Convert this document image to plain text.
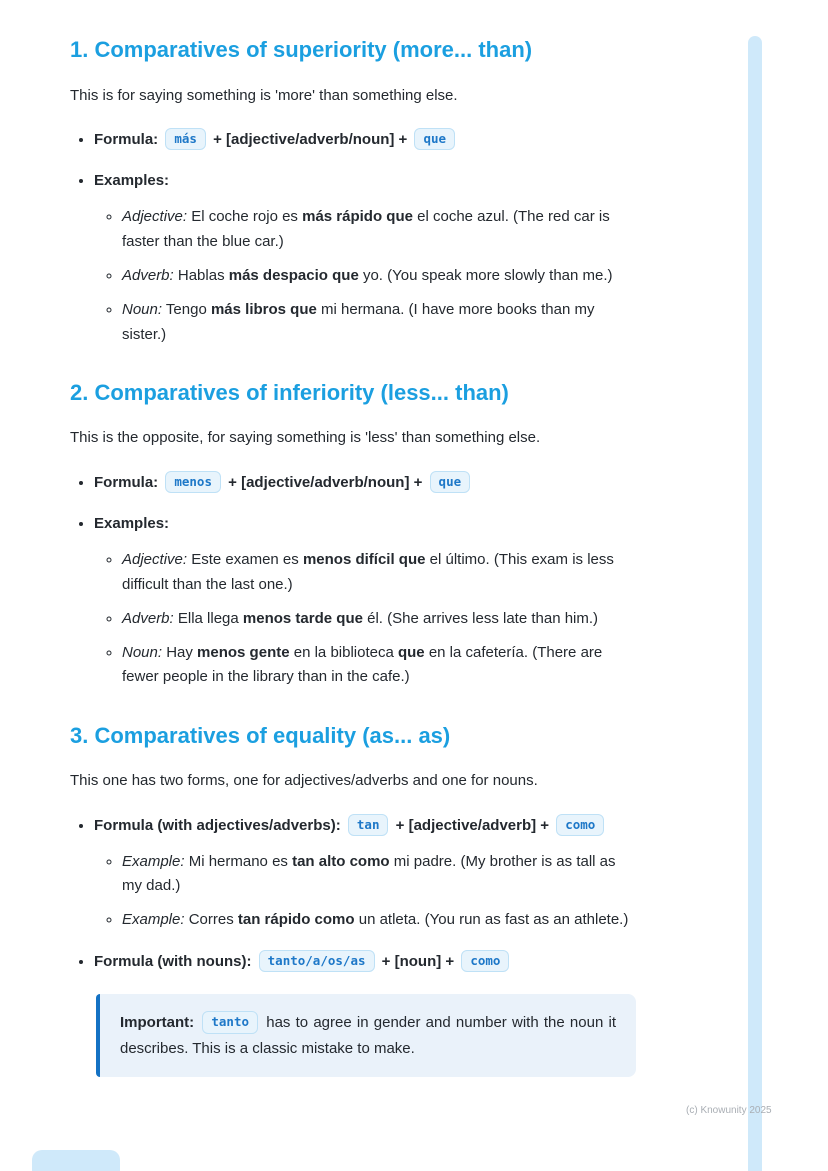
1. Comparatives of superiority (more... than)

This is for saying something is 'more' than something else.

• Formula: más + [adjective/adverb/noun] + que
• Examples:
◦ Adjective: El coche rojo es más rápido que el coche azul. (The red car is faster than the blue car.)
◦ Adverb: Hablas más despacio que yo. (You speak more slowly than me.)
◦ Noun: Tengo más libros que mi hermana. (I have more books than my sister.)
2. Comparatives of inferiority (less... than)

This is the opposite, for saying something is 'less' than something else.

• Formula: menos + [adjective/adverb/noun] + que
• Examples:
◦ Adjective: Este examen es menos difícil que el último. (This exam is less difficult than the last one.)
◦ Adverb: Ella llega menos tarde que él. (She arrives less late than him.)
◦ Noun: Hay menos gente en la biblioteca que en la cafetería. (There are fewer people in the library than in the cafe.)
3. Comparatives of equality (as... as)

This one has two forms, one for adjectives/adverbs and one for nouns.

• Formula (with adjectives/adverbs): tan + [adjective/adverb] + como
◦ Example: Mi hermano es tan alto como mi padre. (My brother is as tall as my dad.)
◦ Example: Corres tan rápido como un atleta. (You run as fast as an athlete.)
• Formula (with nouns): tanto/a/os/as + [noun] + como

Important: tanto has to agree in gender and number with the noun it describes. This is a classic mistake to make.

(c) Knowunity 2025
